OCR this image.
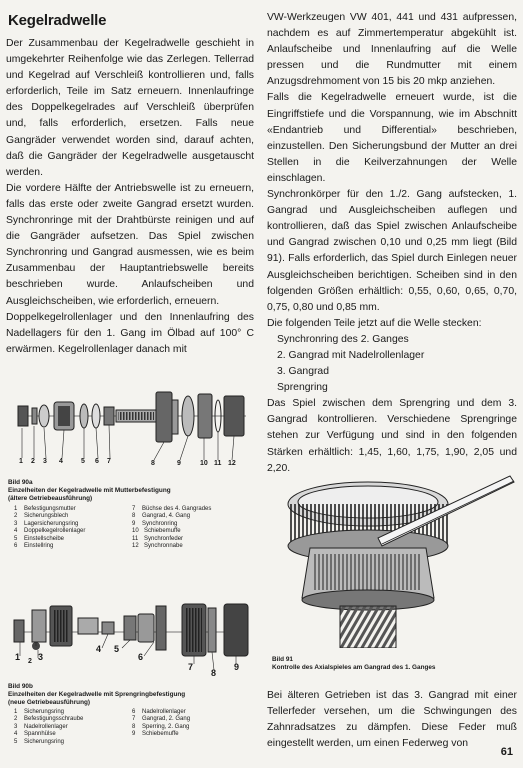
Kegelradwelle

Der Zusammenbau der Kegelradwelle geschieht in umgekehrter Reihenfolge wie das Zerlegen. Tellerrad und Kegelrad auf Verschleiß kontrollieren und, falls erforderlich, Teile im Satz erneuern. Innenlaufringe des Doppelkegelrades auf Verschleiß überprüfen und, falls erforderlich, ersetzen. Falls neue Gangräder verwendet worden sind, darauf achten, daß die Gangräder der Kegelradwelle ausgetauscht werden.

Die vordere Hälfte der Antriebswelle ist zu erneuern, falls das erste oder zweite Gangrad ersetzt wurden. Synchronringe mit der Drahtbürste reinigen und auf die Gangräder aufsetzen. Das Spiel zwischen Synchronring und Gangrad ausmessen, wie es beim Zusammenbau der Hauptantriebswelle bereits beschrieben wurde. Anlaufscheiben und Ausgleichscheiben, wie erforderlich, erneuern.

Doppelkegelrollenlager und den Innenlaufring des Nadellagers für den 1. Gang im Ölbad auf 100° C erwärmen. Kegelrollenlager danach mit

1 2 3 4	5 6 7	8	9	10 11 12

Bild 90a

Einzelheiten der Kegelradwelle mit Mutterbefestigung

(ältere Getriebeausführung)

1	Befestigungsmutter
2	Sicherungsblech
3	Lagersicherungsring
4	Doppelkegelrollenlager
5	Einstellscheibe
6	Einstellring
7	Büchse des 4. Gangrades
8	Gangrad, 4. Gang
9	Synchronring
10 Schiebemuffe
11 Synchronfeder
12 Synchronnabe
1 2 3
4 5
6
7
8
9

Bild 90b

Einzelheiten der Kegelradwelle mit Sprengringbefestigung

(neue Getriebeausführung)

1	Sicherungsring
2	Befestigungsschraube
3	Nadelrollenlager
4	Spannhülse
5	Sicherungsring
6	Nadelrollenlager
7	Gangrad, 2. Gang
8	Sperring, 2. Gang
9	Schiebemuffe

VW-Werkzeugen VW 401, 441 und 431 aufpressen, nachdem es auf Zimmertemperatur abgekühlt ist. Anlaufscheibe und Innenlaufring auf die Welle pressen und die Rundmutter mit einem Anzugsdrehmoment von 15 bis 20 mkp anziehen.

Falls die Kegelradwelle erneuert wurde, ist die Eingriffstiefe und die Vorspannung, wie im Abschnitt «Endantrieb und Differential» beschrieben, einzustellen. Den Sicherungsbund der Mutter an drei Stellen in die Keilverzahnungen der Welle einschlagen.

Synchronkörper für den 1./2. Gang aufstecken, 1. Gangrad und Ausgleichscheiben auflegen und kontrollieren, daß das Spiel zwischen Anlaufscheibe und Gangrad zwischen 0,10 und 0,25 mm liegt (Bild 91). Falls erforderlich, das Spiel durch Einlegen neuer Ausgleichscheiben berichtigen. Scheiben sind in den folgenden Größen erhältlich: 0,55, 0,60, 0,65, 0,70, 0,75, 0,80 und 0,85 mm.

Die folgenden Teile jetzt auf die Welle stecken:

Synchronring des 2. Ganges

2. Gangrad mit Nadelrollenlager

3. Gangrad

Sprengring

Das Spiel zwischen dem Sprengring und dem 3. Gangrad kontrollieren. Verschiedene Sprengringe stehen zur Verfügung und sind in den folgenden Stärken erhältlich: 1,45, 1,60, 1,75, 1,90, 2,05 und 2,20.

Bild 91

Kontrolle des Axialspieles am Gangrad des 1. Ganges

Bei älteren Getrieben ist das 3. Gangrad mit einer Tellerfeder versehen, um die Schwingungen des Zahnradsatzes zu dämpfen. Diese Feder muß eingestellt werden, um einen Federweg von

61
